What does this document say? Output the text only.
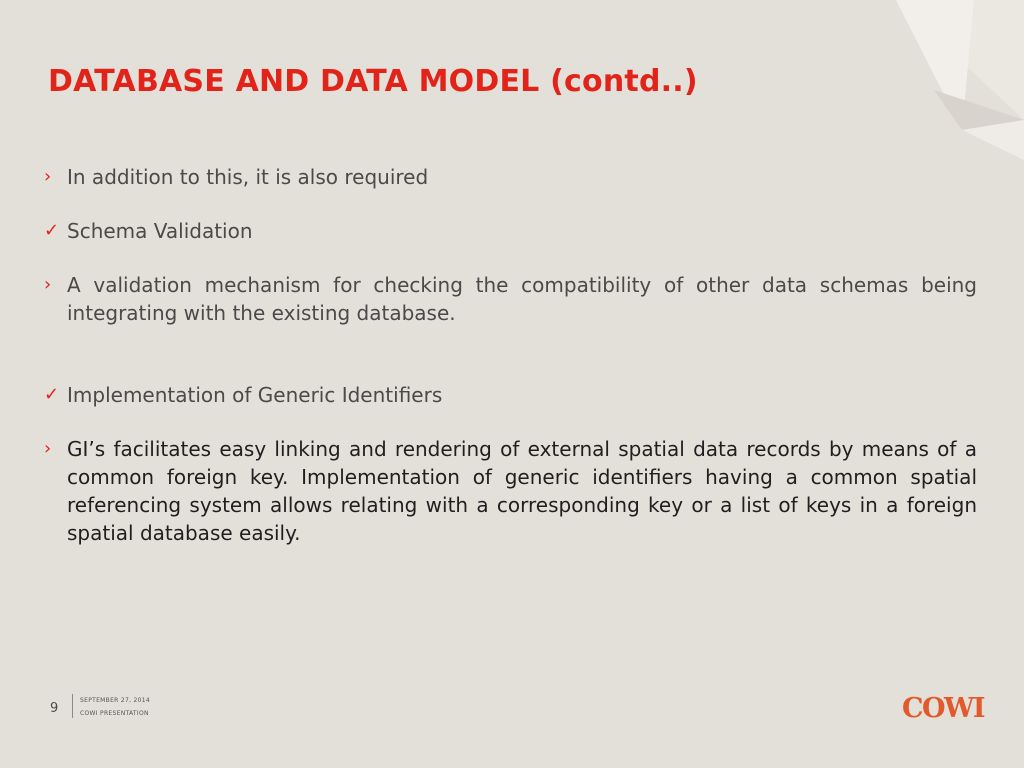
DATABASE AND DATA MODEL (contd..)
› In addition to this, it is also required
✓ Schema Validation
› A validation mechanism for checking the compatibility of other data schemas being integrating with the existing database.
✓ Implementation of Generic Identifiers
› GI’s facilitates easy linking and rendering of external spatial data records by means of a common foreign key. Implementation of generic identifiers having a common spatial referencing system allows relating with a corresponding key or a list of keys in a foreign spatial database easily.
9
SEPTEMBER 27, 2014
COWI PRESENTATION	COWI
